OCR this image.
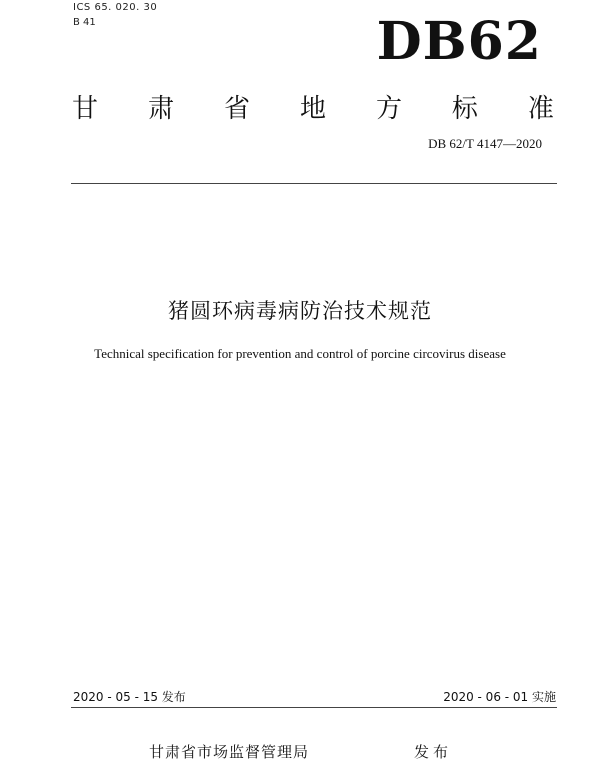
ICS 65. 020. 30
B 41	DB62
甘 肃 省 地 方 标 准
DB 62/T 4147—2020
猪圆环病毒病防治技术规范
Technical specification for prevention and control of porcine circovirus disease
2020 - 05 - 15 发布	2020 - 06 - 01 实施
甘肃省市场监督管理局	发布
